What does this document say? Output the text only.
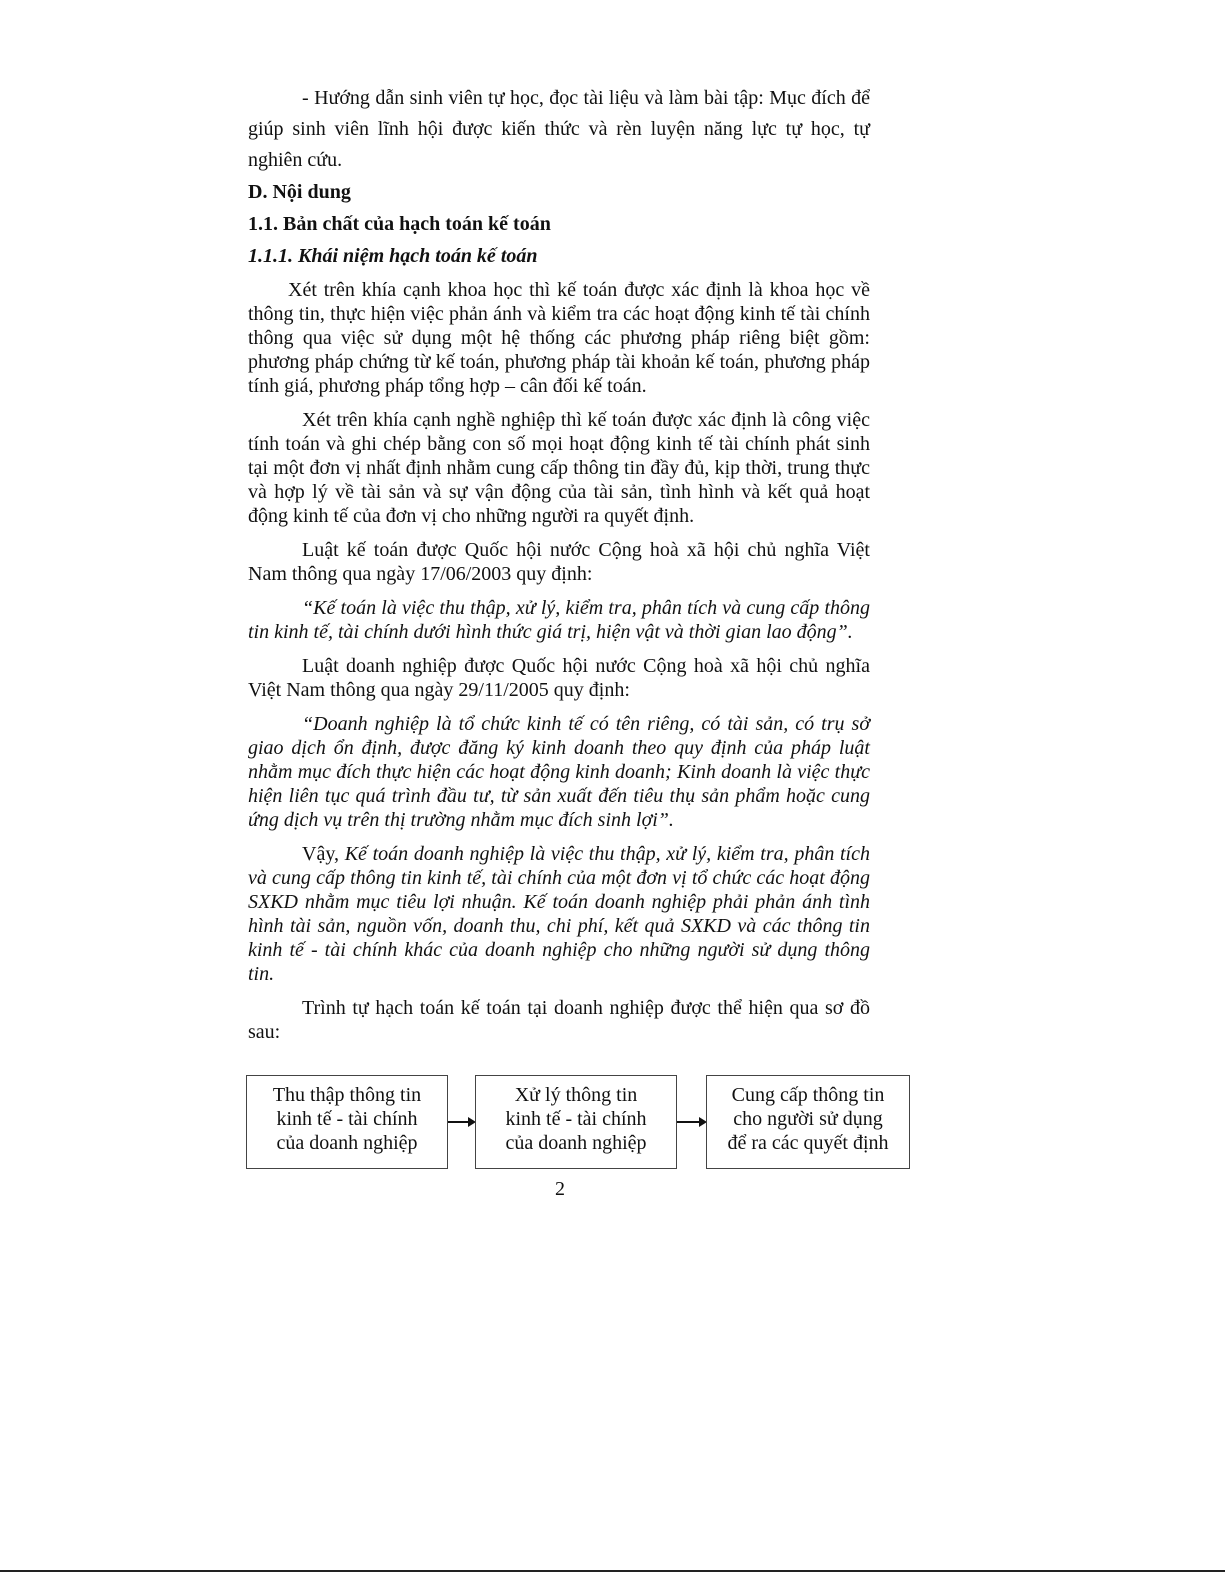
- Hướng dẫn sinh viên tự học, đọc tài liệu và làm bài tập: Mục đích để giúp sinh viên lĩnh hội được kiến thức và rèn luyện năng lực tự học, tự nghiên cứu.

D. Nội dung
1.1. Bản chất của hạch toán kế toán
1.1.1. Khái niệm hạch toán kế toán

Xét trên khía cạnh khoa học thì kế toán được xác định là khoa học về thông tin, thực hiện việc phản ánh và kiểm tra các hoạt động kinh tế tài chính thông qua việc sử dụng một hệ thống các phương pháp riêng biệt gồm: phương pháp chứng từ kế toán, phương pháp tài khoản kế toán, phương pháp tính giá, phương pháp tổng hợp – cân đối kế toán.

Xét trên khía cạnh nghề nghiệp thì kế toán được xác định là công việc tính toán và ghi chép bằng con số mọi hoạt động kinh tế tài chính phát sinh tại một đơn vị nhất định nhằm cung cấp thông tin đầy đủ, kịp thời, trung thực và hợp lý về tài sản và sự vận động của tài sản, tình hình và kết quả hoạt động kinh tế của đơn vị cho những người ra quyết định.

Luật kế toán được Quốc hội nước Cộng hoà xã hội chủ nghĩa Việt Nam thông qua ngày 17/06/2003 quy định:

“Kế toán là việc thu thập, xử lý, kiểm tra, phân tích và cung cấp thông tin kinh tế, tài chính dưới hình thức giá trị, hiện vật và thời gian lao động”.

Luật doanh nghiệp được Quốc hội nước Cộng hoà xã hội chủ nghĩa Việt Nam thông qua ngày 29/11/2005 quy định:

“Doanh nghiệp là tổ chức kinh tế có tên riêng, có tài sản, có trụ sở giao dịch ổn định, được đăng ký kinh doanh theo quy định của pháp luật nhằm mục đích thực hiện các hoạt động kinh doanh; Kinh doanh là việc thực hiện liên tục quá trình đầu tư, từ sản xuất đến tiêu thụ sản phẩm hoặc cung ứng dịch vụ trên thị trường nhằm mục đích sinh lợi”.

Vậy, Kế toán doanh nghiệp là việc thu thập, xử lý, kiểm tra, phân tích và cung cấp thông tin kinh tế, tài chính của một đơn vị tổ chức các hoạt động SXKD nhằm mục tiêu lợi nhuận. Kế toán doanh nghiệp phải phản ánh tình hình tài sản, nguồn vốn, doanh thu, chi phí, kết quả SXKD và các thông tin kinh tế - tài chính khác của doanh nghiệp cho những người sử dụng thông tin.

Trình tự hạch toán kế toán tại doanh nghiệp được thể hiện qua sơ đồ sau:

Thu thập thông tin
kinh tế - tài chính
của doanh nghiệp
Xử lý thông tin
kinh tế - tài chính
của doanh nghiệp
Cung cấp thông tin
cho người sử dụng
để ra các quyết định
2
